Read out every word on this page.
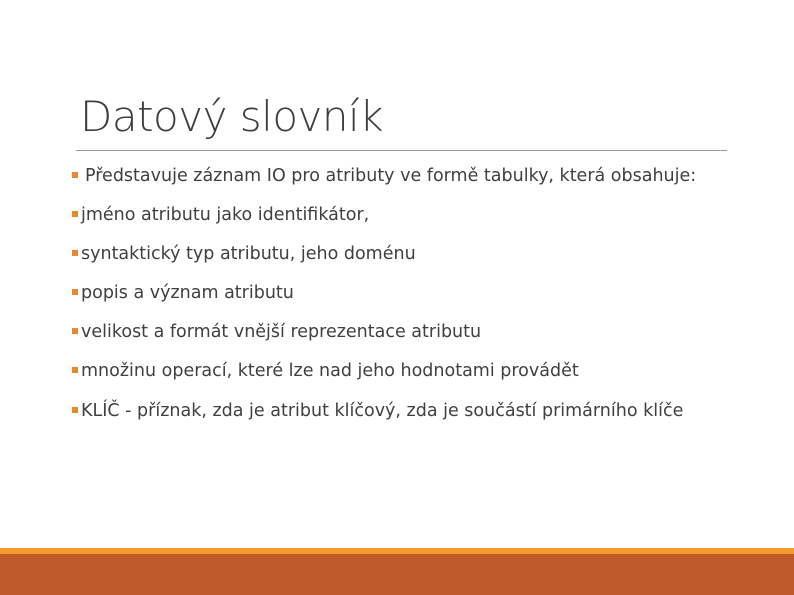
Datový slovník
Představuje záznam IO pro atributy ve formě tabulky, která obsahuje:
jméno atributu jako identifikátor,
syntaktický typ atributu, jeho doménu
popis a význam atributu
velikost a formát vnější reprezentace atributu
množinu operací, které lze nad jeho hodnotami provádět
KLÍČ - příznak, zda je atribut klíčový, zda je součástí primárního klíče
